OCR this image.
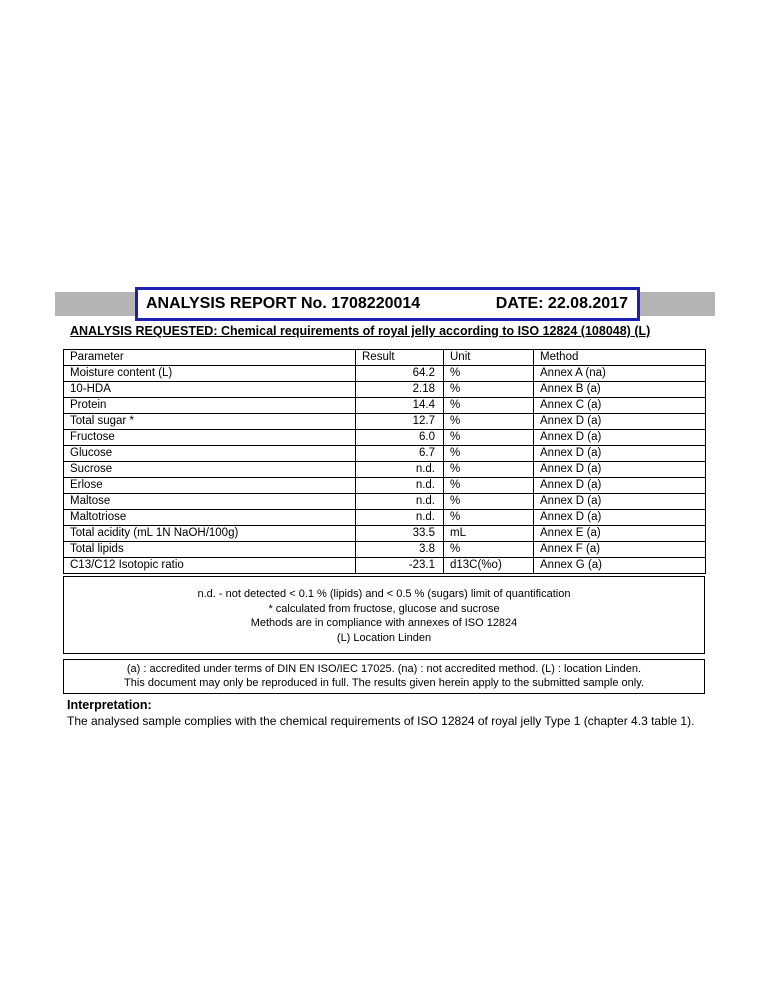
ANALYSIS REPORT No. 1708220014	DATE: 22.08.2017
ANALYSIS REQUESTED: Chemical requirements of royal jelly according to ISO 12824 (108048) (L)
Parameter	Result	Unit	Method
Moisture content (L)	64.2	%	Annex A (na)
10-HDA	2.18	%	Annex B (a)
Protein	14.4	%	Annex C (a)
Total sugar *	12.7	%	Annex D (a)
Fructose	6.0	%	Annex D (a)
Glucose	6.7	%	Annex D (a)
Sucrose	n.d.	%	Annex D (a)
Erlose	n.d.	%	Annex D (a)
Maltose	n.d.	%	Annex D (a)
Maltotriose	n.d.	%	Annex D (a)
Total acidity (mL 1N NaOH/100g)	33.5	mL	Annex E (a)
Total lipids	3.8	%	Annex F (a)
C13/C12 Isotopic ratio	-23.1	d13C(%o)	Annex G (a)
n.d. - not detected < 0.1 % (lipids) and < 0.5 % (sugars) limit of quantification
* calculated from fructose, glucose and sucrose
Methods are in compliance with annexes of ISO 12824
(L) Location Linden
(a) : accredited under terms of DIN EN ISO/IEC 17025. (na) : not accredited method. (L) : location Linden.
This document may only be reproduced in full. The results given herein apply to the submitted sample only.
Interpretation:
The analysed sample complies with the chemical requirements of ISO 12824 of royal jelly Type 1 (chapter 4.3 table 1).
